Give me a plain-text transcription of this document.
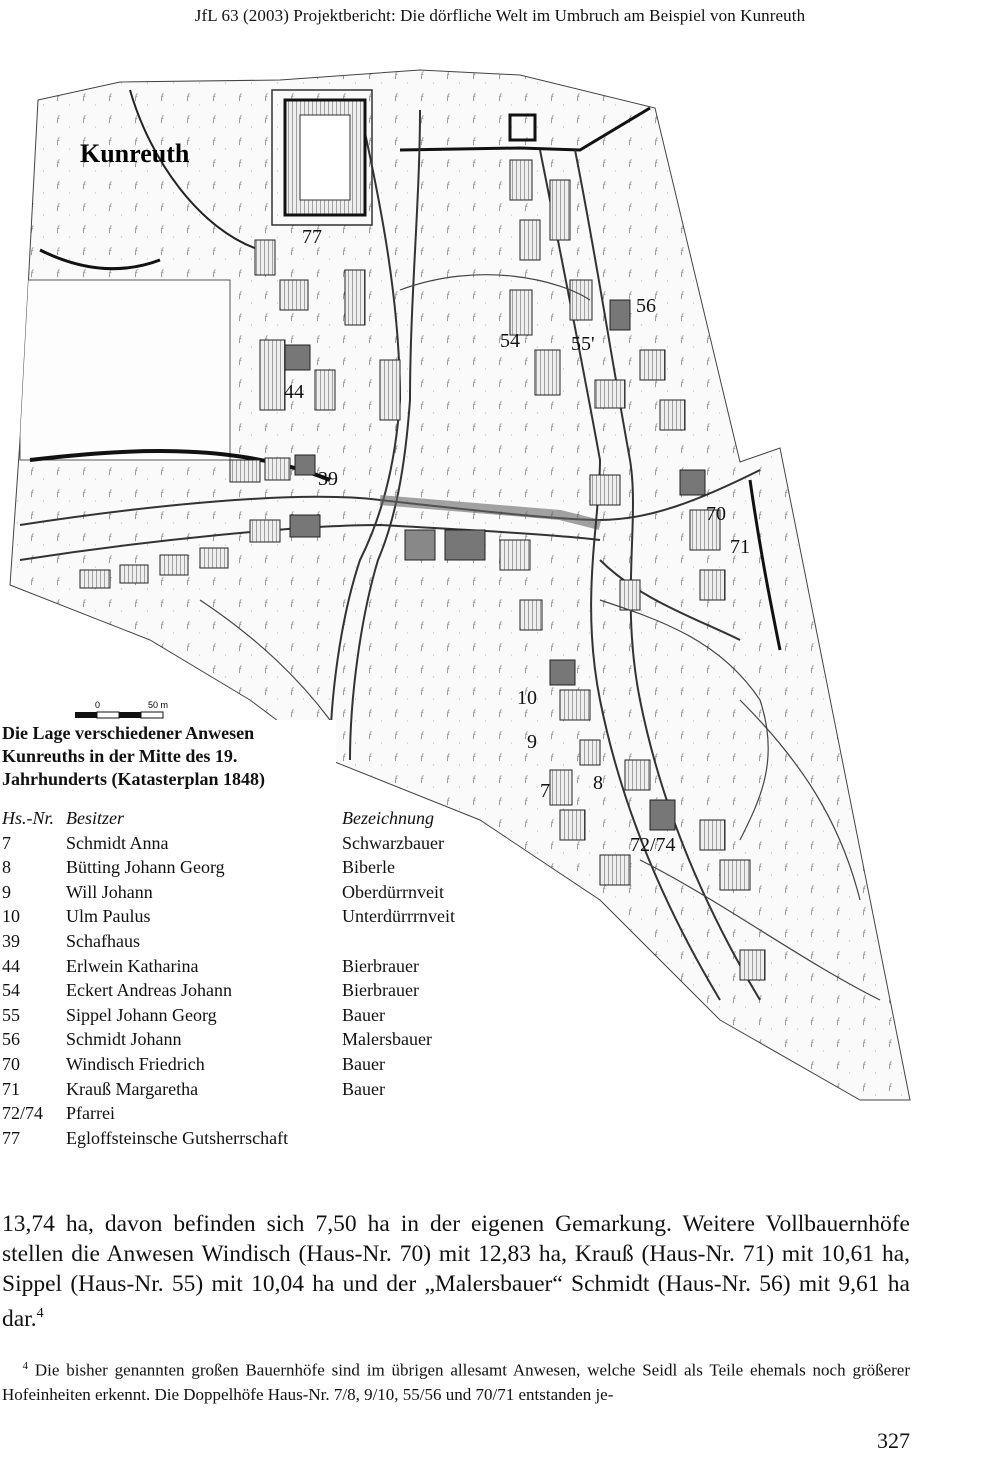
JfL 63 (2003) Projektbericht: Die dörfliche Welt im Umbruch am Beispiel von Kunreuth
0	50 m
Kunreuth
77
44
39
54	55'
56
70
71
10
9
7 8
72/74
Die Lage verschiedener Anwesen Kunreuths in der Mitte des 19. Jahrhunderts (Katasterplan 1848)
Hs.-Nr. Besitzer	Bezeichnung
7	Schmidt Anna	Schwarzbauer
8	Bütting Johann Georg	Biberle
9	Will Johann	Oberdürrnveit
10	Ulm Paulus	Unterdürrrnveit
39	Schafhaus
44	Erlwein Katharina	Bierbrauer
54	Eckert Andreas Johann	Bierbrauer
55	Sippel Johann Georg	Bauer
56	Schmidt Johann	Malersbauer
70	Windisch Friedrich	Bauer
71	Krauß Margaretha	Bauer
72/74 Pfarrei
77	Egloffsteinsche Gutsherrschaft
13,74 ha, davon befinden sich 7,50 ha in der eigenen Gemarkung. Weitere Vollbauernhöfe stellen die Anwesen Windisch (Haus-Nr. 70) mit 12,83 ha, Krauß (Haus-Nr. 71) mit 10,61 ha, Sippel (Haus-Nr. 55) mit 10,04 ha und der „Malersbauer“ Schmidt (Haus-Nr. 56) mit 9,61 ha dar.$^4$
$^4$ Die bisher genannten großen Bauernhöfe sind im übrigen allesamt Anwesen, welche Seidl als Teile ehemals noch größerer Hofeinheiten erkennt. Die Doppelhöfe Haus-Nr. 7/8, 9/10, 55/56 und 70/71 entstanden je-
327
